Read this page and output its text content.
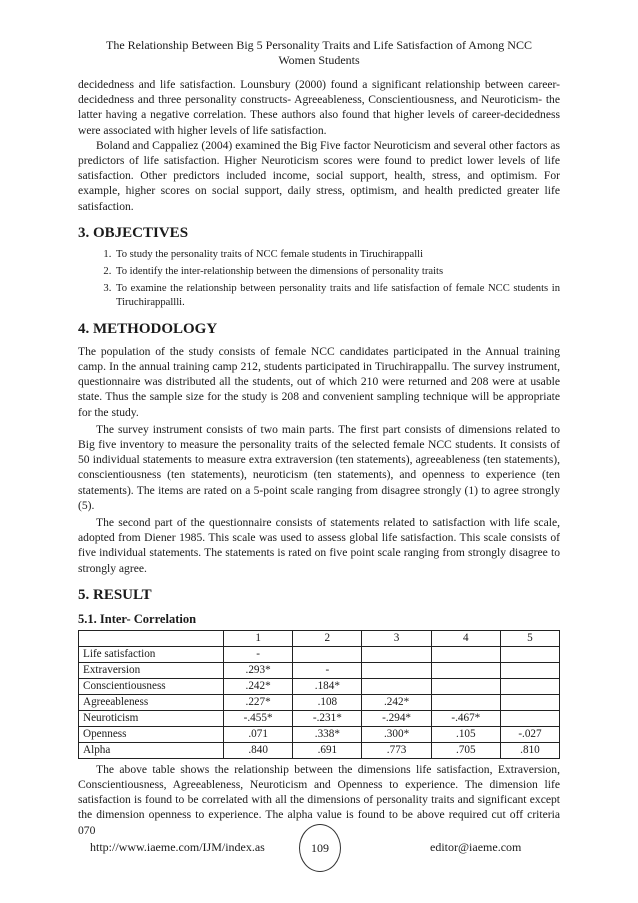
The Relationship Between Big 5 Personality Traits and Life Satisfaction of Among NCC
Women Students

decidedness and life satisfaction. Lounsbury (2000) found a significant relationship between career-decidedness and three personality constructs- Agreeableness, Conscientiousness, and Neuroticism- the latter having a negative correlation. These authors also found that higher levels of career-decidedness were associated with higher levels of life satisfaction.

Boland and Cappaliez (2004) examined the Big Five factor Neuroticism and several other factors as predictors of life satisfaction. Higher Neuroticism scores were found to predict lower levels of life satisfaction. Other predictors included income, social support, health, stress, and optimism. For example, higher scores on social support, daily stress, optimism, and health predicted greater life satisfaction.

3. OBJECTIVES
1. To study the personality traits of NCC female students in Tiruchirappalli
2. To identify the inter-relationship between the dimensions of personality traits
3. To examine the relationship between personality traits and life satisfaction of female NCC students in Tiruchirappallli.
4. METHODOLOGY

The population of the study consists of female NCC candidates participated in the Annual training camp. In the annual training camp 212, students participated in Tiruchirappallu. The survey instrument, questionnaire was distributed all the students, out of which 210 were returned and 208 were at usable state. Thus the sample size for the study is 208 and convenient sampling technique will be appropriate for the study.

The survey instrument consists of two main parts. The first part consists of dimensions related to Big five inventory to measure the personality traits of the selected female NCC students. It consists of 50 individual statements to measure extra extraversion (ten statements), agreeableness (ten statements), conscientiousness (ten statements), neuroticism (ten statements), and openness to experience (ten statements). The items are rated on a 5-point scale ranging from disagree strongly (1) to agree strongly (5).

The second part of the questionnaire consists of statements related to satisfaction with life scale, adopted from Diener 1985. This scale was used to assess global life satisfaction. This scale consists of five individual statements. The statements is rated on five point scale ranging from strongly disagree to strongly agree.

5. RESULT
5.1. Inter- Correlation
	1	2	3	4	5
Life satisfaction	-				
Extraversion	.293*	-			
Conscientiousness	.242*	.184*			
Agreeableness	.227*	.108	.242*		
Neuroticism	-.455*	-.231*	-.294*	-.467*	
Openness	.071	.338*	.300*	.105	-.027
Alpha	.840	.691	.773	.705	.810

The above table shows the relationship between the dimensions life satisfaction, Extraversion, Conscientiousness, Agreeableness, Neuroticism and Openness to experience. The dimension life satisfaction is found to be correlated with all the dimensions of personality traits and significant except the dimension openness to experience. The alpha value is found to be above required cut off criteria 070

http://www.iaeme.com/IJM/index.as	109	editor@iaeme.com
